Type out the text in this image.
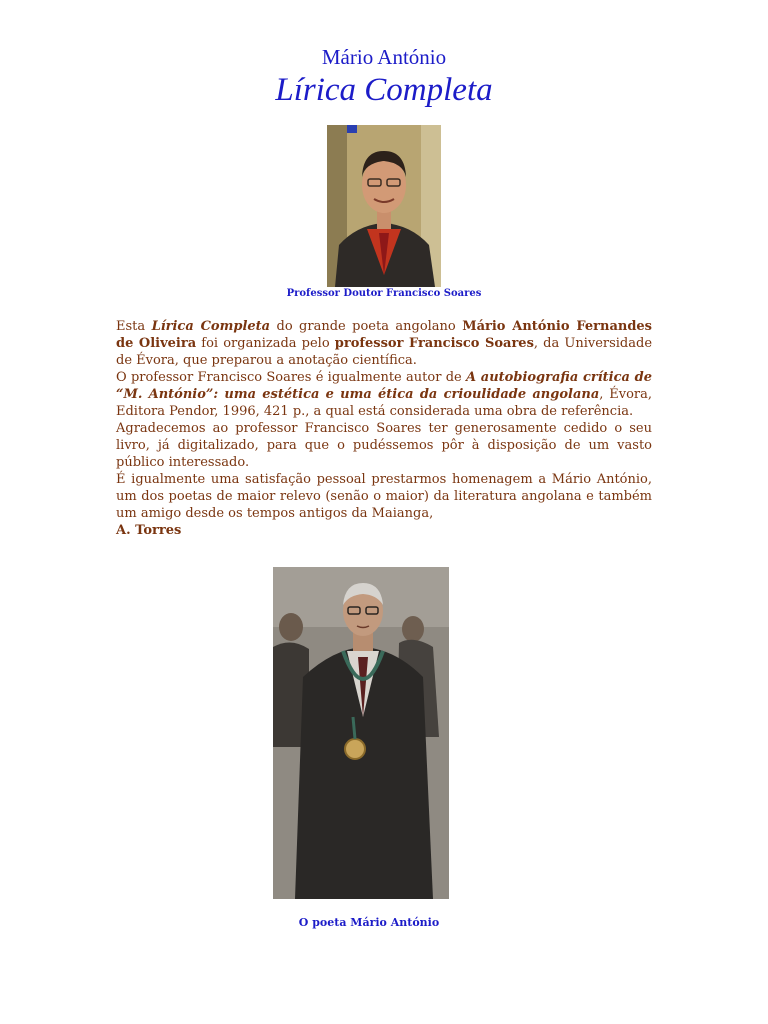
Mário António
Lírica Completa
Professor Doutor Francisco Soares

Esta Lírica Completa do grande poeta angolano Mário António Fernandes de Oliveira foi organizada pelo professor Francisco Soares, da Universidade de Évora, que preparou a anotação científica.

O professor Francisco Soares é igualmente autor de A autobiografia crítica de “M. António”: uma estética e uma ética da crioulidade angolana, Évora, Editora Pendor, 1996, 421 p., a qual está considerada uma obra de referência.

Agradecemos ao professor Francisco Soares ter generosamente cedido o seu livro, já digitalizado, para que o pudéssemos pôr à disposição de um vasto público interessado.

É igualmente uma satisfação pessoal prestarmos homenagem a Mário António, um dos poetas de maior relevo (senão o maior) da literatura angolana e também um amigo desde os tempos antigos da Maianga,

A. Torres

O poeta Mário António
